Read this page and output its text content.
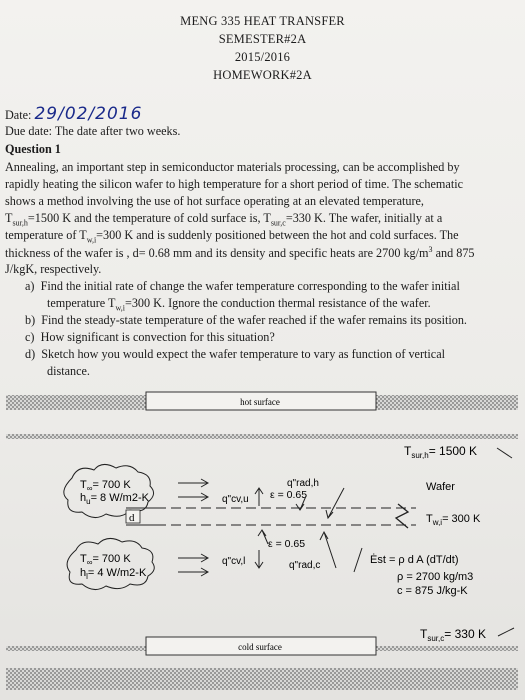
MENG 335 HEAT TRANSFER
SEMESTER#2A
2015/2016
HOMEWORK#2A
Date: 29/02/2016
Due date: The date after two weeks.
Question 1
Annealing, an important step in semiconductor materials processing, can be accomplished by
rapidly heating the silicon wafer to high temperature for a short period of time. The schematic
shows a method involving the use of hot surface operating at an elevated temperature,
$T_{sur,h}=1500$ K and the temperature of cold surface is, $T_{sur,c}=330$ K. The wafer, initially at a
temperature of $T_{w,i}=300$ K and is suddenly positioned between the hot and cold surfaces. The
thickness of the wafer is , d= 0.68 mm and its density and specific heats are 2700 $kg/m^3$ and 875
J/kgK, respectively.
a) Find the initial rate of change the wafer temperature corresponding to the wafer initial
temperature $T_{w,i}=300$ K. Ignore the conduction thermal resistance of the wafer.
b) Find the steady-state temperature of the wafer reached if the wafer remains its position.
c) How significant is convection for this situation?
d) Sketch how you would expect the wafer temperature to vary as function of vertical
distance.
hot surface
$T_{sur,h}= 1500$ K
$T_\infty= 700$ K
$h_u= 8$ W/m2-K	q"cv,u
q"rad,h
ε = 0.65
Wafer
d	$T_{w,i}= 300$ K
ε = 0.65
$T_\infty= 700$ K
$h_l= 4$ W/m2-K
q"cv,l	q"rad,c	Ėst = ρ d A (dT/dt)
ρ = 2700 kg/m3
c = 875 J/kg-K
$T_{sur,c}= 330$ K
cold surface
